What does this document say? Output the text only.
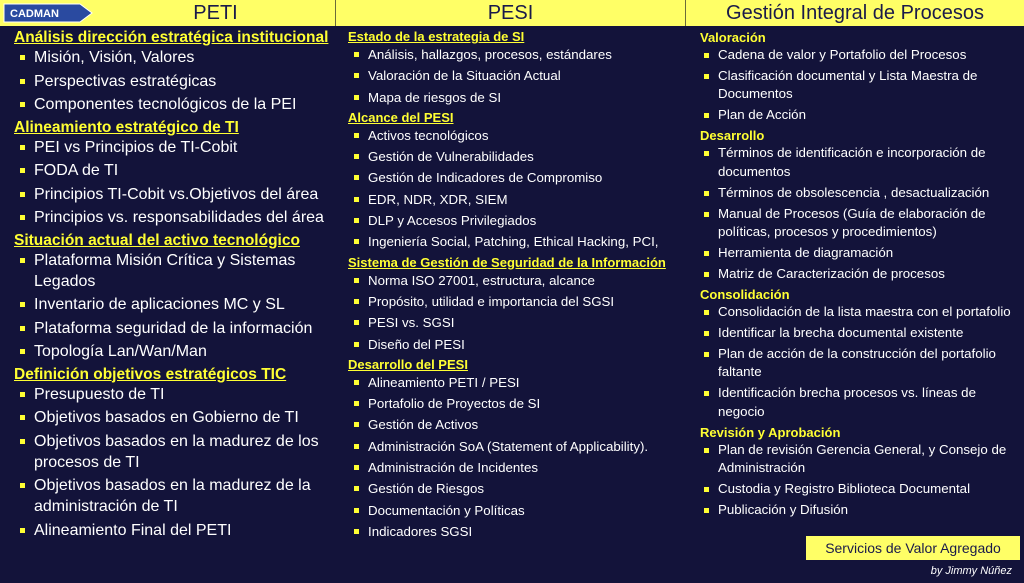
CADMAN	PETI	PESI	Gestión Integral de Procesos
Análisis dirección estratégica institucional
Misión, Visión, Valores
Perspectivas estratégicas
Componentes tecnológicos de la PEI
Alineamiento estratégico de TI
PEI vs Principios de TI-Cobit
FODA de TI
Principios TI-Cobit vs.Objetivos del área
Principios vs. responsabilidades del área
Situación actual del activo tecnológico
Plataforma Misión Crítica y Sistemas Legados
Inventario de aplicaciones MC y SL
Plataforma seguridad de la información
Topología Lan/Wan/Man
Definición objetivos estratégicos TIC
Presupuesto de TI
Objetivos basados en Gobierno de TI
Objetivos basados en la madurez de los procesos de TI
Objetivos basados en la madurez de la administración de TI
Alineamiento Final del PETI
Estado de la estrategia de SI
Análisis, hallazgos, procesos, estándares
Valoración de la Situación Actual
Mapa de riesgos de SI
Alcance del PESI
Activos tecnológicos
Gestión de Vulnerabilidades
Gestión de Indicadores de Compromiso
EDR, NDR, XDR, SIEM
DLP y Accesos Privilegiados
Ingeniería Social, Patching, Ethical Hacking, PCI,
Sistema de Gestión de Seguridad de la Información
Norma ISO 27001, estructura, alcance
Propósito, utilidad e importancia del SGSI
PESI vs. SGSI
Diseño del PESI
Desarrollo del PESI
Alineamiento PETI / PESI
Portafolio de Proyectos de SI
Gestión de Activos
Administración SoA (Statement of Applicability).
Administración de Incidentes
Gestión de Riesgos
Documentación y Políticas
Indicadores SGSI
Valoración
Cadena de valor y Portafolio del Procesos
Clasificación documental y Lista Maestra de Documentos
Plan de Acción
Desarrollo
Términos de identificación e incorporación de documentos
Términos de obsolescencia , desactualización
Manual de Procesos (Guía de elaboración de políticas, procesos y procedimientos)
Herramienta de diagramación
Matriz de Caracterización de procesos
Consolidación
Consolidación de la lista maestra con el portafolio
Identificar la brecha documental existente
Plan de acción de la construcción del portafolio faltante
Identificación brecha procesos vs. líneas de negocio
Revisión y Aprobación
Plan de revisión Gerencia General, y Consejo de Administración
Custodia y Registro Biblioteca Documental
Publicación y Difusión
Servicios de Valor Agregado
by Jimmy Núñez
